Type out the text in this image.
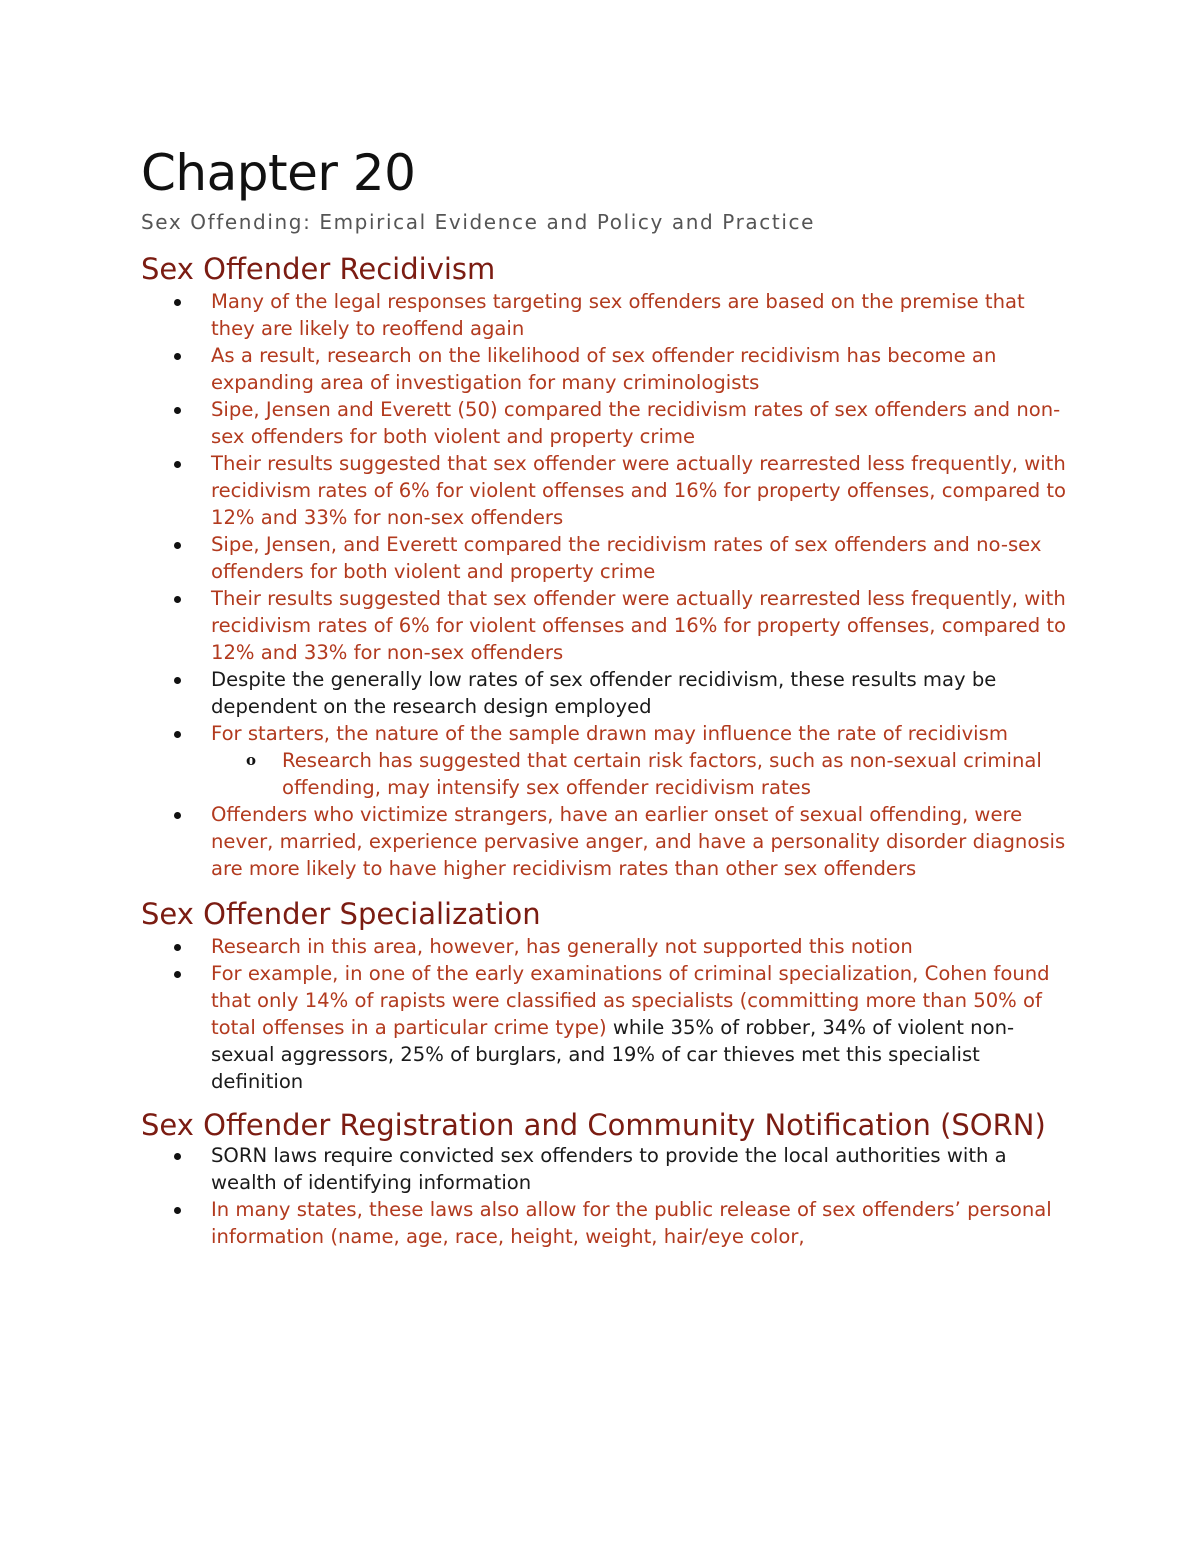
Chapter 20
Sex Offending: Empirical Evidence and Policy and Practice
Sex Offender Recidivism
Many of the legal responses targeting sex offenders are based on the premise that they are likely to reoffend again
As a result, research on the likelihood of sex offender recidivism has become an expanding area of investigation for many criminologists
Sipe, Jensen and Everett (50) compared the recidivism rates of sex offenders and non-sex offenders for both violent and property crime
Their results suggested that sex offender were actually rearrested less frequently, with recidivism rates of 6% for violent offenses and 16% for property offenses, compared to 12% and 33% for non-sex offenders
Sipe, Jensen, and Everett compared the recidivism rates of sex offenders and no-sex offenders for both violent and property crime
Their results suggested that sex offender were actually rearrested less frequently, with recidivism rates of 6% for violent offenses and 16% for property offenses, compared to 12% and 33% for non-sex offenders
Despite the generally low rates of sex offender recidivism, these results may be dependent on the research design employed
For starters, the nature of the sample drawn may influence the rate of recidivism
o Research has suggested that certain risk factors, such as non-sexual criminal offending, may intensify sex offender recidivism rates
Offenders who victimize strangers, have an earlier onset of sexual offending, were never, married, experience pervasive anger, and have a personality disorder diagnosis are more likely to have higher recidivism rates than other sex offenders
Sex Offender Specialization
Research in this area, however, has generally not supported this notion
For example, in one of the early examinations of criminal specialization, Cohen found that only 14% of rapists were classified as specialists (committing more than 50% of total offenses in a particular crime type) while 35% of robber, 34% of violent non-sexual aggressors, 25% of burglars, and 19% of car thieves met this specialist definition
Sex Offender Registration and Community Notification (SORN)
SORN laws require convicted sex offenders to provide the local authorities with a wealth of identifying information
In many states, these laws also allow for the public release of sex offenders’ personal information (name, age, race, height, weight, hair/eye color,
